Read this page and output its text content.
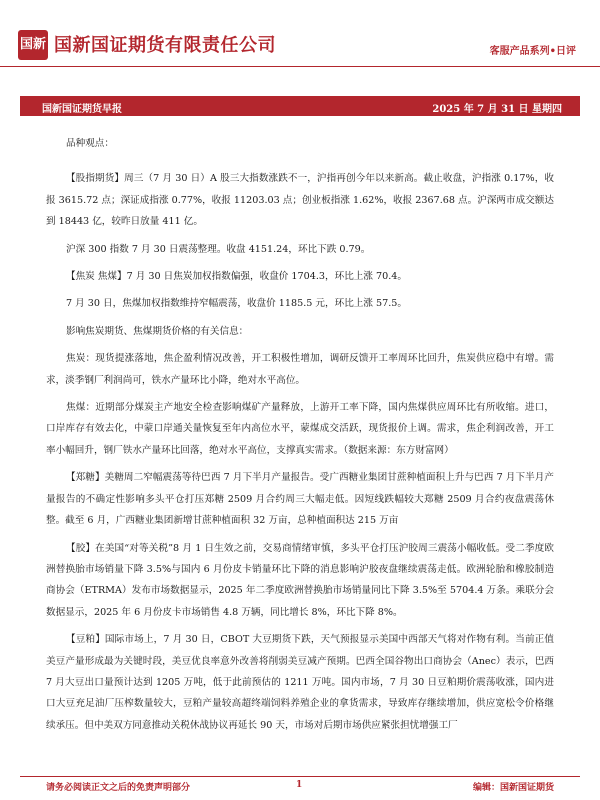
国新 国新国证期货有限责任公司	客服产品系列•日评
国新国证期货早报	2025 年 7 月 31 日 星期四

品种观点：

【股指期货】周三（7 月 30 日）A 股三大指数涨跌不一，沪指再创今年以来新高。截止收盘，沪指涨 0.17%，收报 3615.72 点；深证成指涨 0.77%，收报 11203.03 点；创业板指涨 1.62%，收报 2367.68 点。沪深两市成交额达到 18443 亿，较昨日放量 411 亿。

沪深 300 指数 7 月 30 日震荡整理。收盘 4151.24，环比下跌 0.79。

【焦炭 焦煤】7 月 30 日焦炭加权指数偏强，收盘价 1704.3，环比上涨 70.4。

7 月 30 日，焦煤加权指数维持窄幅震荡，收盘价 1185.5 元，环比上涨 57.5。

影响焦炭期货、焦煤期货价格的有关信息：

焦炭：现货提涨落地，焦企盈利情况改善，开工积极性增加，调研反馈开工率周环比回升，焦炭供应稳中有增。需求，淡季钢厂利润尚可，铁水产量环比小降，绝对水平高位。

焦煤：近期部分煤炭主产地安全检查影响煤矿产量释放，上游开工率下降，国内焦煤供应周环比有所收缩。进口，口岸库存有效去化，中蒙口岸通关量恢复至年内高位水平，蒙煤成交活跃，现货报价上调。需求，焦企利润改善，开工率小幅回升，钢厂铁水产量环比回落，绝对水平高位，支撑真实需求。（数据来源：东方财富网）

【郑糖】美糖周二窄幅震荡等待巴西 7 月下半月产量报告。受广西糖业集团甘蔗种植面积上升与巴西 7 月下半月产量报告的不确定性影响多头平仓打压郑糖 2509 月合约周三大幅走低。因短线跌幅较大郑糖 2509 月合约夜盘震荡休整。截至 6 月，广西糖业集团新增甘蔗种植面积 32 万亩，总种植面积达 215 万亩

【胶】在美国“对等关税”8 月 1 日生效之前，交易商情绪审慎，多头平仓打压沪胶周三震荡小幅收低。受二季度欧洲替换胎市场销量下降 3.5%与国内 6 月份皮卡销量环比下降的消息影响沪胶夜盘继续震荡走低。欧洲轮胎和橡胶制造商协会（ETRMA）发布市场数据显示，2025 年二季度欧洲替换胎市场销量同比下降 3.5%至 5704.4 万条。乘联分会数据显示，2025 年 6 月份皮卡市场销售 4.8 万辆，同比增长 8%，环比下降 8%。

【豆粕】国际市场上，7 月 30 日，CBOT 大豆期货下跌，天气预报显示美国中西部天气将对作物有利。当前正值美豆产量形成最为关键时段，美豆优良率意外改善将削弱美豆减产预期。巴西全国谷物出口商协会（Anec）表示，巴西 7 月大豆出口量预计达到 1205 万吨，低于此前预估的 1211 万吨。国内市场，7 月 30 日豆粕期价震荡收涨，国内进口大豆充足油厂压榨数量较大，豆粕产量较高超终端饲料养殖企业的拿货需求，导致库存继续增加，供应宽松令价格继续承压。但中美双方同意推动关税休战协议再延长 90 天，市场对后期市场供应紧张担忧增强工厂

请务必阅读正文之后的免责声明部分	1	编辑：国新国证期货
